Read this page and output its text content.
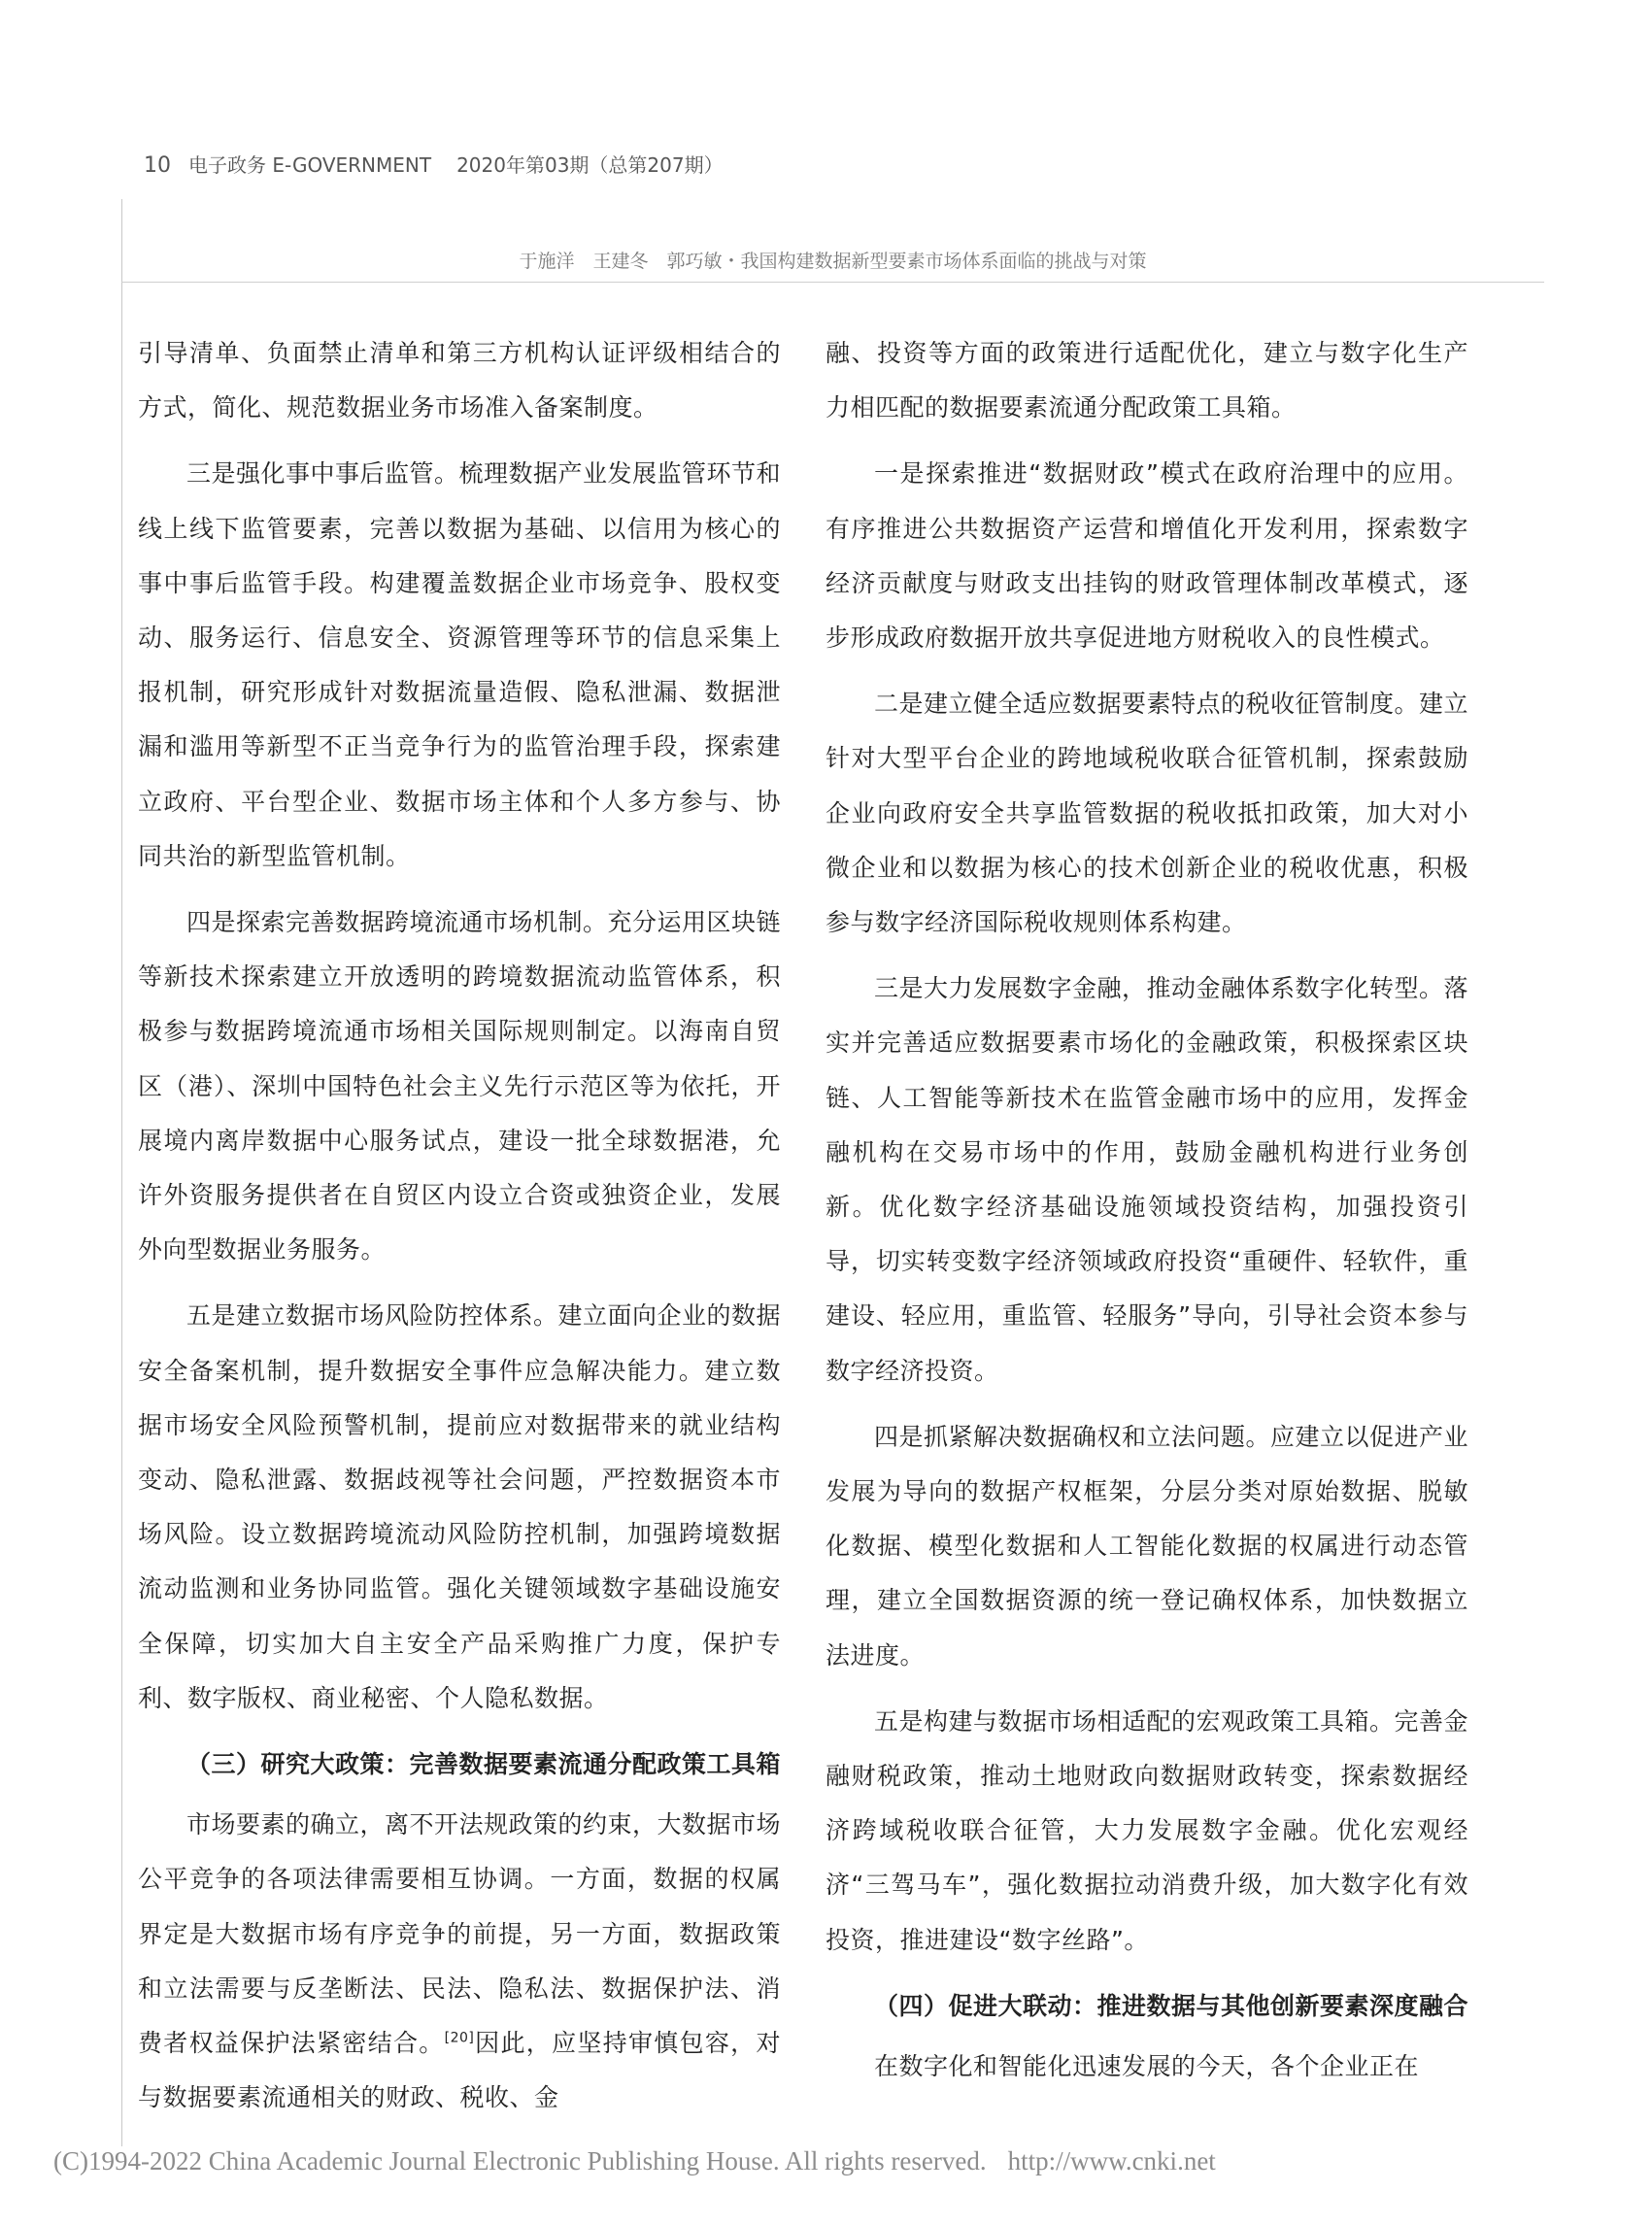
10 电子政务 E-GOVERNMENT 2020年第03期（总第207期）
于施洋　王建冬　郭巧敏・我国构建数据新型要素市场体系面临的挑战与对策

引导清单、负面禁止清单和第三方机构认证评级相结合的方式，简化、规范数据业务市场准入备案制度。

三是强化事中事后监管。梳理数据产业发展监管环节和线上线下监管要素，完善以数据为基础、以信用为核心的事中事后监管手段。构建覆盖数据企业市场竞争、股权变动、服务运行、信息安全、资源管理等环节的信息采集上报机制，研究形成针对数据流量造假、隐私泄漏、数据泄漏和滥用等新型不正当竞争行为的监管治理手段，探索建立政府、平台型企业、数据市场主体和个人多方参与、协同共治的新型监管机制。

四是探索完善数据跨境流通市场机制。充分运用区块链等新技术探索建立开放透明的跨境数据流动监管体系，积极参与数据跨境流通市场相关国际规则制定。以海南自贸区（港）、深圳中国特色社会主义先行示范区等为依托，开展境内离岸数据中心服务试点，建设一批全球数据港，允许外资服务提供者在自贸区内设立合资或独资企业，发展外向型数据业务服务。

五是建立数据市场风险防控体系。建立面向企业的数据安全备案机制，提升数据安全事件应急解决能力。建立数据市场安全风险预警机制，提前应对数据带来的就业结构变动、隐私泄露、数据歧视等社会问题，严控数据资本市场风险。设立数据跨境流动风险防控机制，加强跨境数据流动监测和业务协同监管。强化关键领域数字基础设施安全保障，切实加大自主安全产品采购推广力度，保护专利、数字版权、商业秘密、个人隐私数据。

（三）研究大政策：完善数据要素流通分配政策工具箱

市场要素的确立，离不开法规政策的约束，大数据市场公平竞争的各项法律需要相互协调。一方面，数据的权属界定是大数据市场有序竞争的前提，另一方面，数据政策和立法需要与反垄断法、民法、隐私法、数据保护法、消费者权益保护法紧密结合。[20]因此，应坚持审慎包容，对与数据要素流通相关的财政、税收、金

融、投资等方面的政策进行适配优化，建立与数字化生产力相匹配的数据要素流通分配政策工具箱。

一是探索推进“数据财政”模式在政府治理中的应用。有序推进公共数据资产运营和增值化开发利用，探索数字经济贡献度与财政支出挂钩的财政管理体制改革模式，逐步形成政府数据开放共享促进地方财税收入的良性模式。

二是建立健全适应数据要素特点的税收征管制度。建立针对大型平台企业的跨地域税收联合征管机制，探索鼓励企业向政府安全共享监管数据的税收抵扣政策，加大对小微企业和以数据为核心的技术创新企业的税收优惠，积极参与数字经济国际税收规则体系构建。

三是大力发展数字金融，推动金融体系数字化转型。落实并完善适应数据要素市场化的金融政策，积极探索区块链、人工智能等新技术在监管金融市场中的应用，发挥金融机构在交易市场中的作用，鼓励金融机构进行业务创新。优化数字经济基础设施领域投资结构，加强投资引导，切实转变数字经济领域政府投资“重硬件、轻软件，重建设、轻应用，重监管、轻服务”导向，引导社会资本参与数字经济投资。

四是抓紧解决数据确权和立法问题。应建立以促进产业发展为导向的数据产权框架，分层分类对原始数据、脱敏化数据、模型化数据和人工智能化数据的权属进行动态管理，建立全国数据资源的统一登记确权体系，加快数据立法进度。

五是构建与数据市场相适配的宏观政策工具箱。完善金融财税政策，推动土地财政向数据财政转变，探索数据经济跨域税收联合征管，大力发展数字金融。优化宏观经济“三驾马车”，强化数据拉动消费升级，加大数字化有效投资，推进建设“数字丝路”。

（四）促进大联动：推进数据与其他创新要素深度融合

在数字化和智能化迅速发展的今天，各个企业正在

(C)1994-2022 China Academic Journal Electronic Publishing House. All rights reserved. http://www.cnki.net
